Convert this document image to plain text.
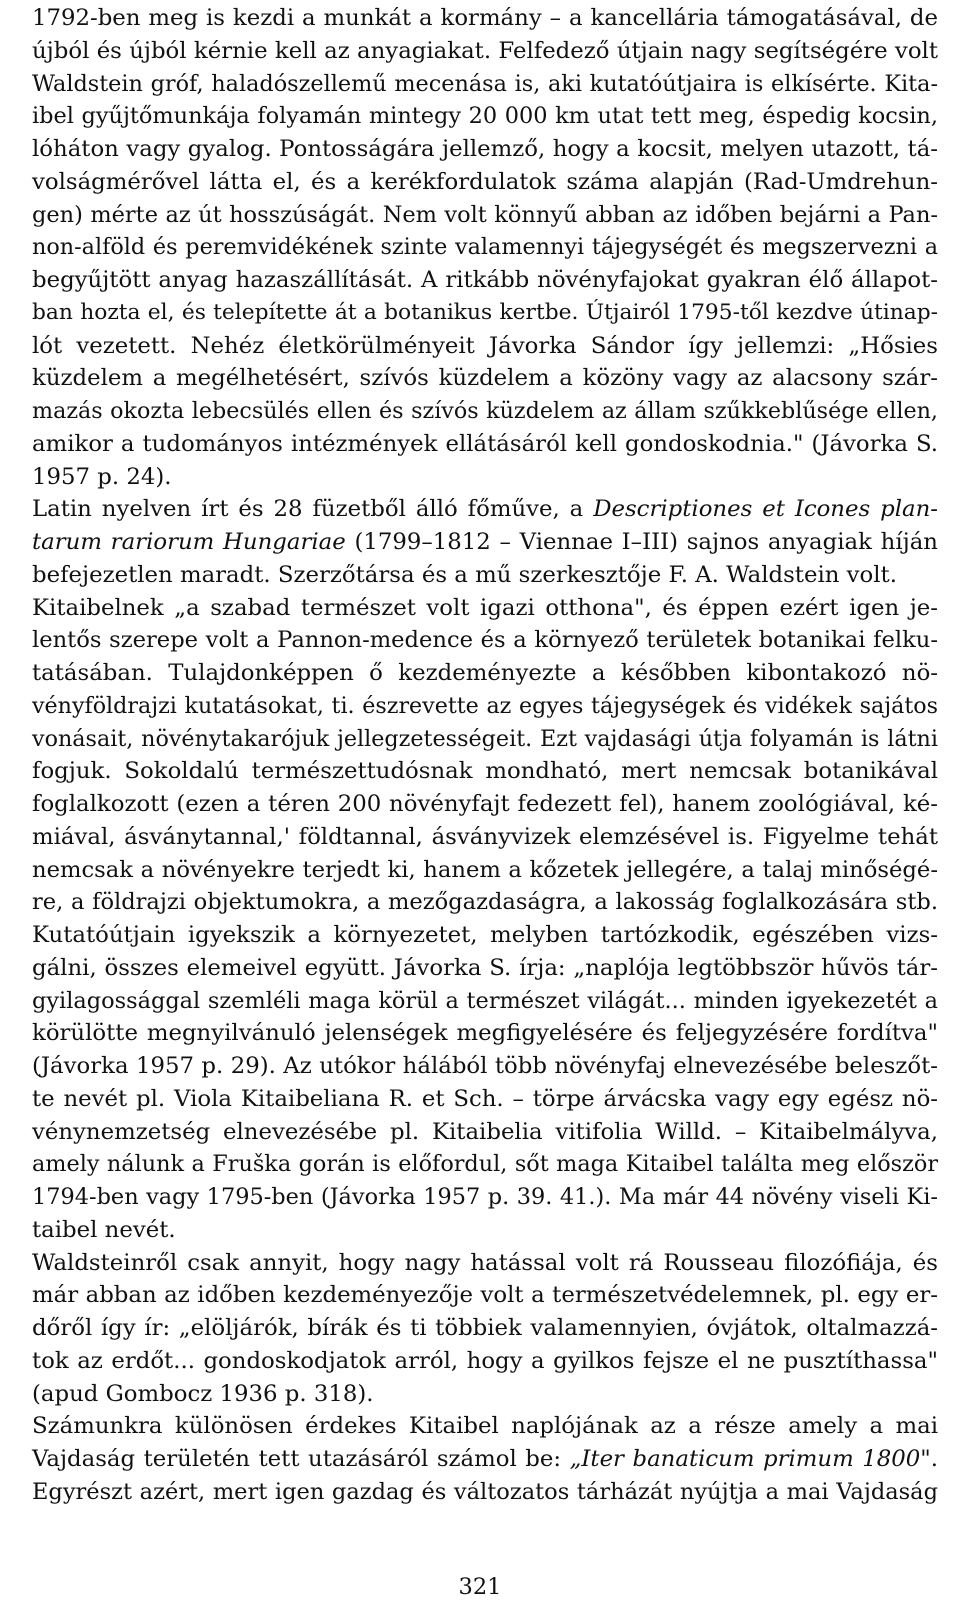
1792-ben meg is kezdi a munkát a kormány – a kancellária támogatásával, de
újból és újból kérnie kell az anyagiakat. Felfedező útjain nagy segítségére volt
Waldstein gróf, haladószellemű mecenása is, aki kutatóútjaira is elkísérte. Kita-
ibel gyűjtőmunkája folyamán mintegy 20 000 km utat tett meg, éspedig kocsin,
lóháton vagy gyalog. Pontosságára jellemző, hogy a kocsit, melyen utazott, tá-
volságmérővel látta el, és a kerékfordulatok száma alapján (Rad-Umdrehun-
gen) mérte az út hosszúságát. Nem volt könnyű abban az időben bejárni a Pan-
non-alföld és peremvidékének szinte valamennyi tájegységét és megszervezni a
begyűjtött anyag hazaszállítását. A ritkább növényfajokat gyakran élő állapot-
ban hozta el, és telepítette át a botanikus kertbe. Útjairól 1795-től kezdve útinap-
lót vezetett. Nehéz életkörülményeit Jávorka Sándor így jellemzi: „Hősies
küzdelem a megélhetésért, szívós küzdelem a közöny vagy az alacsony szár-
mazás okozta lebecsülés ellen és szívós küzdelem az állam szűkkeblűsége ellen,
amikor a tudományos intézmények ellátásáról kell gondoskodnia." (Jávorka S.
1957 p. 24).
Latin nyelven írt és 28 füzetből álló főműve, a Descriptiones et Icones plan-
tarum rariorum Hungariae (1799–1812 – Viennae I–III) sajnos anyagiak híján
befejezetlen maradt. Szerzőtársa és a mű szerkesztője F. A. Waldstein volt.
Kitaibelnek „a szabad természet volt igazi otthona", és éppen ezért igen je-
lentős szerepe volt a Pannon-medence és a környező területek botanikai felku-
tatásában. Tulajdonképpen ő kezdeményezte a későbben kibontakozó nö-
vényföldrajzi kutatásokat, ti. észrevette az egyes tájegységek és vidékek sajátos
vonásait, növénytakarójuk jellegzetességeit. Ezt vajdasági útja folyamán is látni
fogjuk. Sokoldalú természettudósnak mondható, mert nemcsak botanikával
foglalkozott (ezen a téren 200 növényfajt fedezett fel), hanem zoológiával, ké-
miával, ásványtannal,' földtannal, ásványvizek elemzésével is. Figyelme tehát
nemcsak a növényekre terjedt ki, hanem a kőzetek jellegére, a talaj minőségé-
re, a földrajzi objektumokra, a mezőgazdaságra, a lakosság foglalkozására stb.
Kutatóútjain igyekszik a környezetet, melyben tartózkodik, egészében vizs-
gálni, összes elemeivel együtt. Jávorka S. írja: „naplója legtöbbször hűvös tár-
gyilagossággal szemléli maga körül a természet világát... minden igyekezetét a
körülötte megnyilvánuló jelenségek megfigyelésére és feljegyzésére fordítva"
(Jávorka 1957 p. 29). Az utókor hálából több növényfaj elnevezésébe beleszőt-
te nevét pl. Viola Kitaibeliana R. et Sch. – törpe árvácska vagy egy egész nö-
vénynemzetség elnevezésébe pl. Kitaibelia vitifolia Willd. – Kitaibelmályva,
amely nálunk a Fruška gorán is előfordul, sőt maga Kitaibel találta meg először
1794-ben vagy 1795-ben (Jávorka 1957 p. 39. 41.). Ma már 44 növény viseli Ki-
taibel nevét.
Waldsteinről csak annyit, hogy nagy hatással volt rá Rousseau filozófiája, és
már abban az időben kezdeményezője volt a természetvédelemnek, pl. egy er-
dőről így ír: „elöljárók, bírák és ti többiek valamennyien, óvjátok, oltalmazzá-
tok az erdőt... gondoskodjatok arról, hogy a gyilkos fejsze el ne pusztíthassa"
(apud Gombocz 1936 p. 318).
Számunkra különösen érdekes Kitaibel naplójának az a része amely a mai
Vajdaság területén tett utazásáról számol be: „Iter banaticum primum 1800".
Egyrészt azért, mert igen gazdag és változatos tárházát nyújtja a mai Vajdaság
321
